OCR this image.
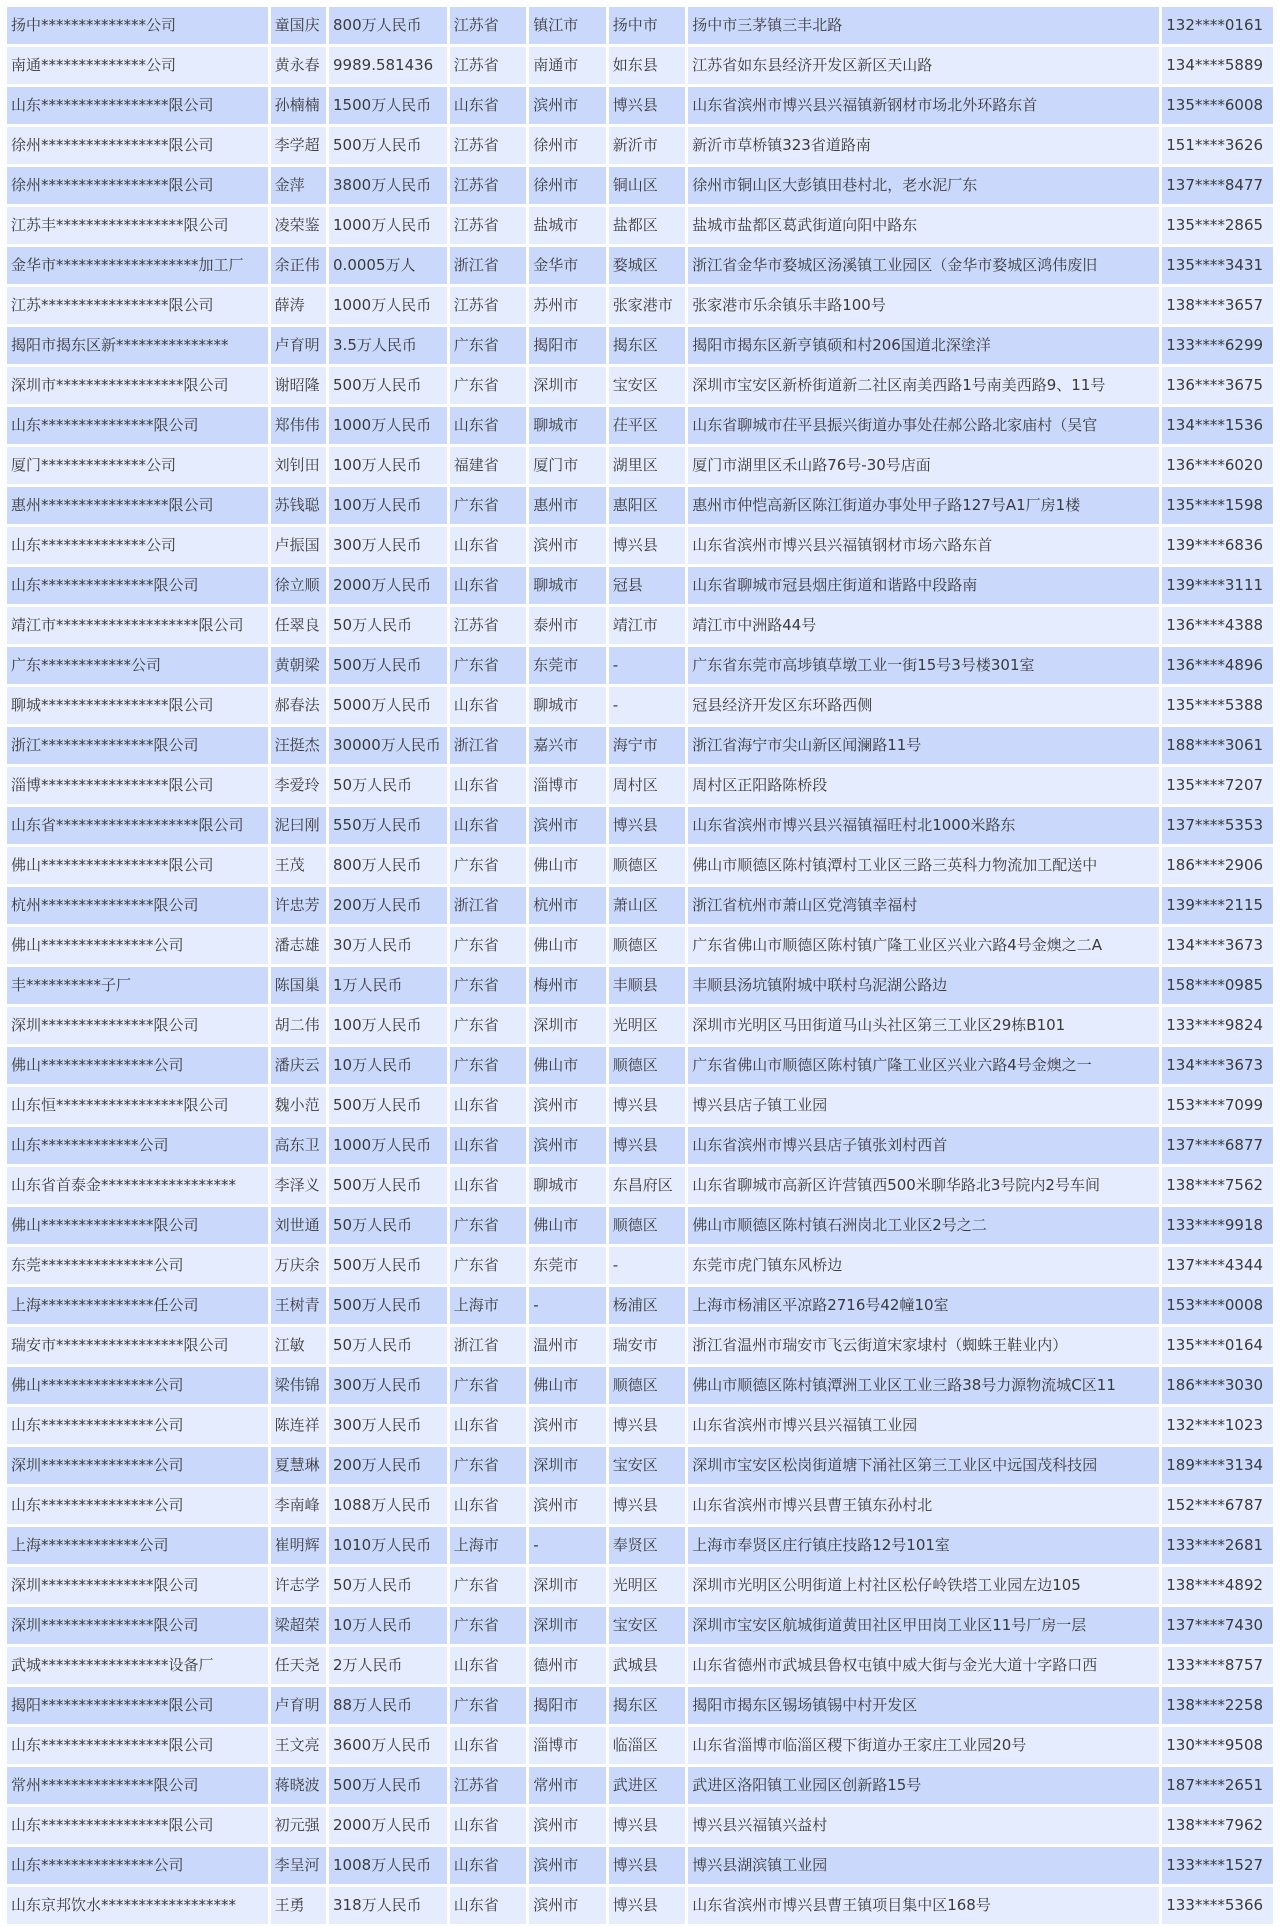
扬中**************公司	童国庆	800万人民币	江苏省	镇江市	扬中市	扬中市三茅镇三丰北路	132****0161
南通**************公司	黄永春	9989.581436	江苏省	南通市	如东县	江苏省如东县经济开发区新区天山路	134****5889
山东*****************限公司	孙楠楠	1500万人民币	山东省	滨州市	博兴县	山东省滨州市博兴县兴福镇新钢材市场北外环路东首	135****6008
徐州*****************限公司	李学超	500万人民币	江苏省	徐州市	新沂市	新沂市草桥镇323省道路南	151****3626
徐州*****************限公司	金萍	3800万人民币	江苏省	徐州市	铜山区	徐州市铜山区大彭镇田巷村北，老水泥厂东	137****8477
江苏丰*****************限公司	凌荣鉴	1000万人民币	江苏省	盐城市	盐都区	盐城市盐都区葛武街道向阳中路东	135****2865
金华市*******************加工厂	余正伟	0.0005万人	浙江省	金华市	婺城区	浙江省金华市婺城区汤溪镇工业园区（金华市婺城区鸿伟废旧	135****3431
江苏*****************限公司	薛涛	1000万人民币	江苏省	苏州市	张家港市	张家港市乐余镇乐丰路100号	138****3657
揭阳市揭东区新***************	卢育明	3.5万人民币	广东省	揭阳市	揭东区	揭阳市揭东区新亨镇硕和村206国道北深塗洋	133****6299
深圳市*****************限公司	谢昭隆	500万人民币	广东省	深圳市	宝安区	深圳市宝安区新桥街道新二社区南美西路1号南美西路9、11号	136****3675
山东***************限公司	郑伟伟	1000万人民币	山东省	聊城市	茌平区	山东省聊城市茌平县振兴街道办事处茌郝公路北家庙村（吴官	134****1536
厦门**************公司	刘钊田	100万人民币	福建省	厦门市	湖里区	厦门市湖里区禾山路76号-30号店面	136****6020
惠州*****************限公司	苏钱聪	100万人民币	广东省	惠州市	惠阳区	惠州市仲恺高新区陈江街道办事处甲子路127号A1厂房1楼	135****1598
山东**************公司	卢振国	300万人民币	山东省	滨州市	博兴县	山东省滨州市博兴县兴福镇钢材市场六路东首	139****6836
山东***************限公司	徐立顺	2000万人民币	山东省	聊城市	冠县	山东省聊城市冠县烟庄街道和谐路中段路南	139****3111
靖江市*******************限公司	任翠良	50万人民币	江苏省	泰州市	靖江市	靖江市中洲路44号	136****4388
广东************公司	黄朝梁	500万人民币	广东省	东莞市	-	广东省东莞市高埗镇草墩工业一街15号3号楼301室	136****4896
聊城*****************限公司	郝春法	5000万人民币	山东省	聊城市	-	冠县经济开发区东环路西侧	135****5388
浙江***************限公司	汪挺杰	30000万人民币	浙江省	嘉兴市	海宁市	浙江省海宁市尖山新区闻澜路11号	188****3061
淄博*****************限公司	李爱玲	50万人民币	山东省	淄博市	周村区	周村区正阳路陈桥段	135****7207
山东省*******************限公司	泥曰刚	550万人民币	山东省	滨州市	博兴县	山东省滨州市博兴县兴福镇福旺村北1000米路东	137****5353
佛山*****************限公司	王茂	800万人民币	广东省	佛山市	顺德区	佛山市顺德区陈村镇潭村工业区三路三英科力物流加工配送中	186****2906
杭州***************限公司	许忠芳	200万人民币	浙江省	杭州市	萧山区	浙江省杭州市萧山区党湾镇幸福村	139****2115
佛山***************公司	潘志雄	30万人民币	广东省	佛山市	顺德区	广东省佛山市顺德区陈村镇广隆工业区兴业六路4号金燠之二A	134****3673
丰**********子厂	陈国巢	1万人民币	广东省	梅州市	丰顺县	丰顺县汤坑镇附城中联村乌泥湖公路边	158****0985
深圳***************限公司	胡二伟	100万人民币	广东省	深圳市	光明区	深圳市光明区马田街道马山头社区第三工业区29栋B101	133****9824
佛山***************公司	潘庆云	10万人民币	广东省	佛山市	顺德区	广东省佛山市顺德区陈村镇广隆工业区兴业六路4号金燠之一	134****3673
山东恒*****************限公司	魏小范	500万人民币	山东省	滨州市	博兴县	博兴县店子镇工业园	153****7099
山东*************公司	高东卫	1000万人民币	山东省	滨州市	博兴县	山东省滨州市博兴县店子镇张刘村西首	137****6877
山东省首泰金******************	李泽义	500万人民币	山东省	聊城市	东昌府区	山东省聊城市高新区许营镇西500米聊华路北3号院内2号车间	138****7562
佛山***************限公司	刘世通	50万人民币	广东省	佛山市	顺德区	佛山市顺德区陈村镇石洲岗北工业区2号之二	133****9918
东莞***************公司	万庆余	500万人民币	广东省	东莞市	-	东莞市虎门镇东风桥边	137****4344
上海***************任公司	王树青	500万人民币	上海市	-	杨浦区	上海市杨浦区平凉路2716号42幢10室	153****0008
瑞安市*****************限公司	江敏	50万人民币	浙江省	温州市	瑞安市	浙江省温州市瑞安市飞云街道宋家埭村（蜘蛛王鞋业内）	135****0164
佛山***************公司	梁伟锦	300万人民币	广东省	佛山市	顺德区	佛山市顺德区陈村镇潭洲工业区工业三路38号力源物流城C区11	186****3030
山东***************公司	陈连祥	300万人民币	山东省	滨州市	博兴县	山东省滨州市博兴县兴福镇工业园	132****1023
深圳***************公司	夏慧琳	200万人民币	广东省	深圳市	宝安区	深圳市宝安区松岗街道塘下涌社区第三工业区中远国茂科技园	189****3134
山东***************公司	李南峰	1088万人民币	山东省	滨州市	博兴县	山东省滨州市博兴县曹王镇东孙村北	152****6787
上海*************公司	崔明辉	1010万人民币	上海市	-	奉贤区	上海市奉贤区庄行镇庄技路12号101室	133****2681
深圳***************限公司	许志学	50万人民币	广东省	深圳市	光明区	深圳市光明区公明街道上村社区松仔岭铁塔工业园左边105	138****4892
深圳***************限公司	梁超荣	10万人民币	广东省	深圳市	宝安区	深圳市宝安区航城街道黄田社区甲田岗工业区11号厂房一层	137****7430
武城*****************设备厂	任天尧	2万人民币	山东省	德州市	武城县	山东省德州市武城县鲁权屯镇中威大街与金光大道十字路口西	133****8757
揭阳*****************限公司	卢育明	88万人民币	广东省	揭阳市	揭东区	揭阳市揭东区锡场镇锡中村开发区	138****2258
山东*****************限公司	王文亮	3600万人民币	山东省	淄博市	临淄区	山东省淄博市临淄区稷下街道办王家庄工业园20号	130****9508
常州***************限公司	蒋晓波	500万人民币	江苏省	常州市	武进区	武进区洛阳镇工业园区创新路15号	187****2651
山东*****************限公司	初元强	2000万人民币	山东省	滨州市	博兴县	博兴县兴福镇兴益村	138****7962
山东***************公司	李呈河	1008万人民币	山东省	滨州市	博兴县	博兴县湖滨镇工业园	133****1527
山东京邦饮水******************	王勇	318万人民币	山东省	滨州市	博兴县	山东省滨州市博兴县曹王镇项目集中区168号	133****5366
